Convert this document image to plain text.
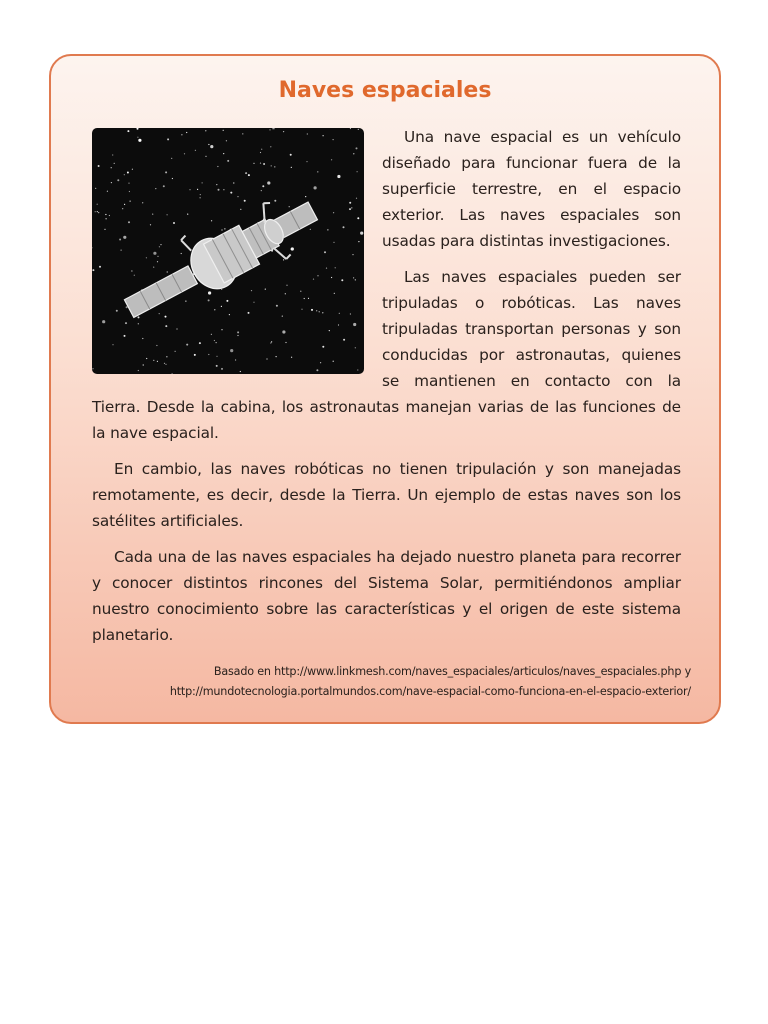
Naves espaciales

Una nave espacial es un vehículo diseñado para funcionar fuera de la superficie terrestre, en el espacio exterior. Las naves espaciales son usadas para distintas investigaciones.

Las naves espaciales pueden ser tripuladas o robóticas. Las naves tripuladas transportan personas y son conducidas por astronautas, quienes se mantienen en contacto con la Tierra. Desde la cabina, los astronautas manejan varias de las funciones de la nave espacial.

En cambio, las naves robóticas no tienen tripulación y son manejadas remotamente, es decir, desde la Tierra. Un ejemplo de estas naves son los satélites artificiales.

Cada una de las naves espaciales ha dejado nuestro planeta para recorrer y conocer distintos rincones del Sistema Solar, permitiéndonos ampliar nuestro conocimiento sobre las características y el origen de este sistema planetario.

Basado en http://www.linkmesh.com/naves_espaciales/articulos/naves_espaciales.php y
http://mundotecnologia.portalmundos.com/nave-espacial-como-funciona-en-el-espacio-exterior/
